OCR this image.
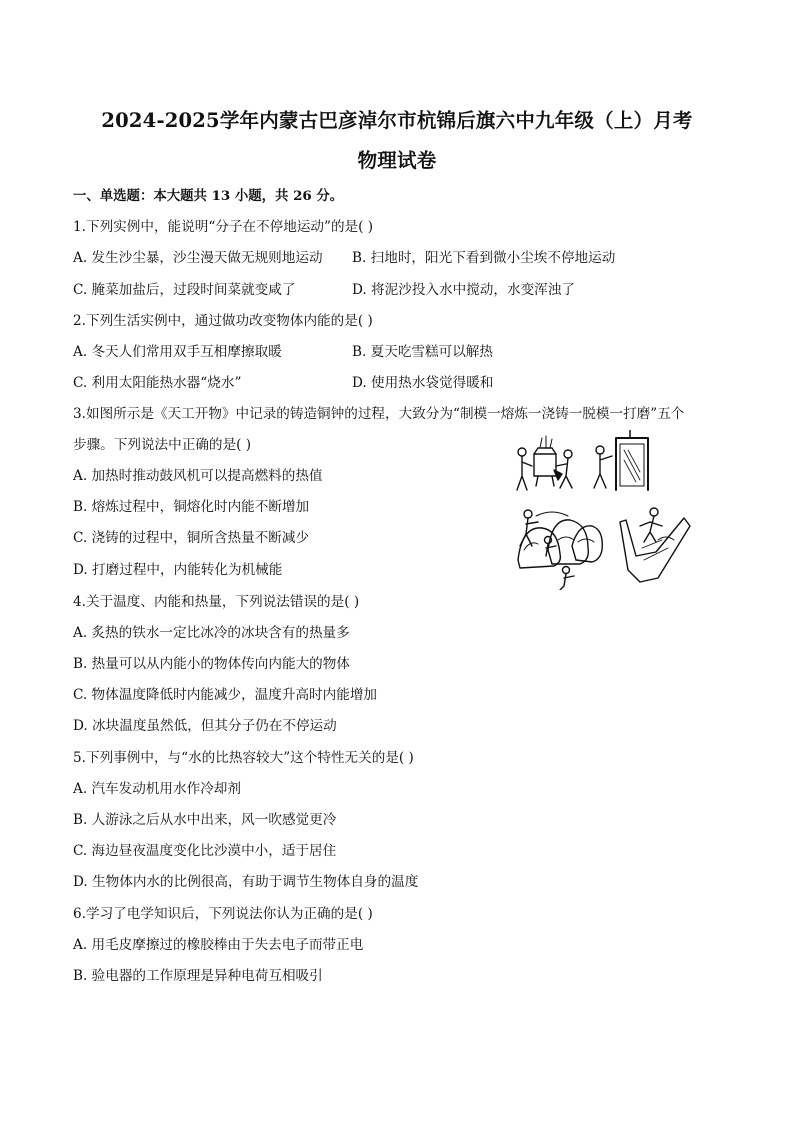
2024-2025学年内蒙古巴彦淖尔市杭锦后旗六中九年级（上）月考
物理试卷
一、单选题：本大题共 13 小题，共 26 分。
1.下列实例中，能说明“分子在不停地运动”的是( )
A. 发生沙尘暴，沙尘漫天做无规则地运动 B. 扫地时，阳光下看到微小尘埃不停地运动
C. 腌菜加盐后，过段时间菜就变咸了	D. 将泥沙投入水中搅动，水变浑浊了
2.下列生活实例中，通过做功改变物体内能的是( )
A. 冬天人们常用双手互相摩擦取暖	B. 夏天吃雪糕可以解热
C. 利用太阳能热水器“烧水”	D. 使用热水袋觉得暖和
3.如图所示是《天工开物》中记录的铸造铜钟的过程，大致分为“制模一熔炼一浇铸一脱模一打磨”五个
步骤。下列说法中正确的是( )
A. 加热时推动鼓风机可以提高燃料的热值
B. 熔炼过程中，铜熔化时内能不断增加
C. 浇铸的过程中，铜所含热量不断减少
D. 打磨过程中，内能转化为机械能
4.关于温度、内能和热量，下列说法错误的是( )
A. 炙热的铁水一定比冰冷的冰块含有的热量多
B. 热量可以从内能小的物体传向内能大的物体
C. 物体温度降低时内能减少，温度升高时内能增加
D. 冰块温度虽然低，但其分子仍在不停运动
5.下列事例中，与“水的比热容较大”这个特性无关的是( )
A. 汽车发动机用水作冷却剂
B. 人游泳之后从水中出来，风一吹感觉更冷
C. 海边昼夜温度变化比沙漠中小，适于居住
D. 生物体内水的比例很高，有助于调节生物体自身的温度
6.学习了电学知识后，下列说法你认为正确的是( )
A. 用毛皮摩擦过的橡胶棒由于失去电子而带正电
B. 验电器的工作原理是异种电荷互相吸引
